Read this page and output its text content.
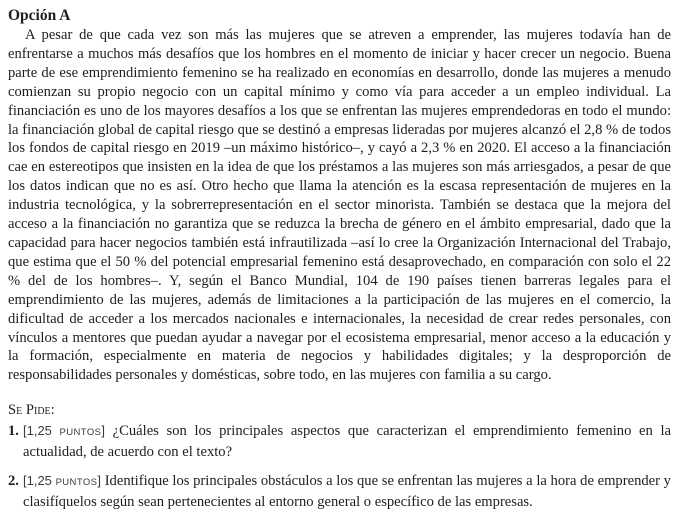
Opción A

A pesar de que cada vez son más las mujeres que se atreven a emprender, las mujeres todavía han de enfrentarse a muchos más desafíos que los hombres en el momento de iniciar y hacer crecer un negocio. Buena parte de ese emprendimiento femenino se ha realizado en economías en desarrollo, donde las mujeres a menudo comienzan su propio negocio con un capital mínimo y como vía para acceder a un empleo individual. La financiación es uno de los mayores desafíos a los que se enfrentan las mujeres emprendedoras en todo el mundo: la financiación global de capital riesgo que se destinó a empresas lideradas por mujeres alcanzó el 2,8 % de todos los fondos de capital riesgo en 2019 –un máximo histórico–, y cayó a 2,3 % en 2020. El acceso a la financiación cae en estereotipos que insisten en la idea de que los préstamos a las mujeres son más arriesgados, a pesar de que los datos indican que no es así. Otro hecho que llama la atención es la escasa representación de mujeres en la industria tecnológica, y la sobrerrepresentación en el sector minorista. También se destaca que la mejora del acceso a la financiación no garantiza que se reduzca la brecha de género en el ámbito empresarial, dado que la capacidad para hacer negocios también está infrautilizada –así lo cree la Organización Internacional del Trabajo, que estima que el 50 % del potencial empresarial femenino está desaprovechado, en comparación con solo el 22 % del de los hombres–. Y, según el Banco Mundial, 104 de 190 países tienen barreras legales para el emprendimiento de las mujeres, además de limitaciones a la participación de las mujeres en el comercio, la dificultad de acceder a los mercados nacionales e internacionales, la necesidad de crear redes personales, con vínculos a mentores que puedan ayudar a navegar por el ecosistema empresarial, menor acceso a la educación y la formación, especialmente en materia de negocios y habilidades digitales; y la desproporción de responsabilidades personales y domésticas, sobre todo, en las mujeres con familia a su cargo.

Se Pide:
1. [1,25 PUNTOS] ¿Cuáles son los principales aspectos que caracterizan el emprendimiento femenino en la actualidad, de acuerdo con el texto?
2. [1,25 PUNTOS] Identifique los principales obstáculos a los que se enfrentan las mujeres a la hora de emprender y clasifíquelos según sean pertenecientes al entorno general o específico de las empresas.
